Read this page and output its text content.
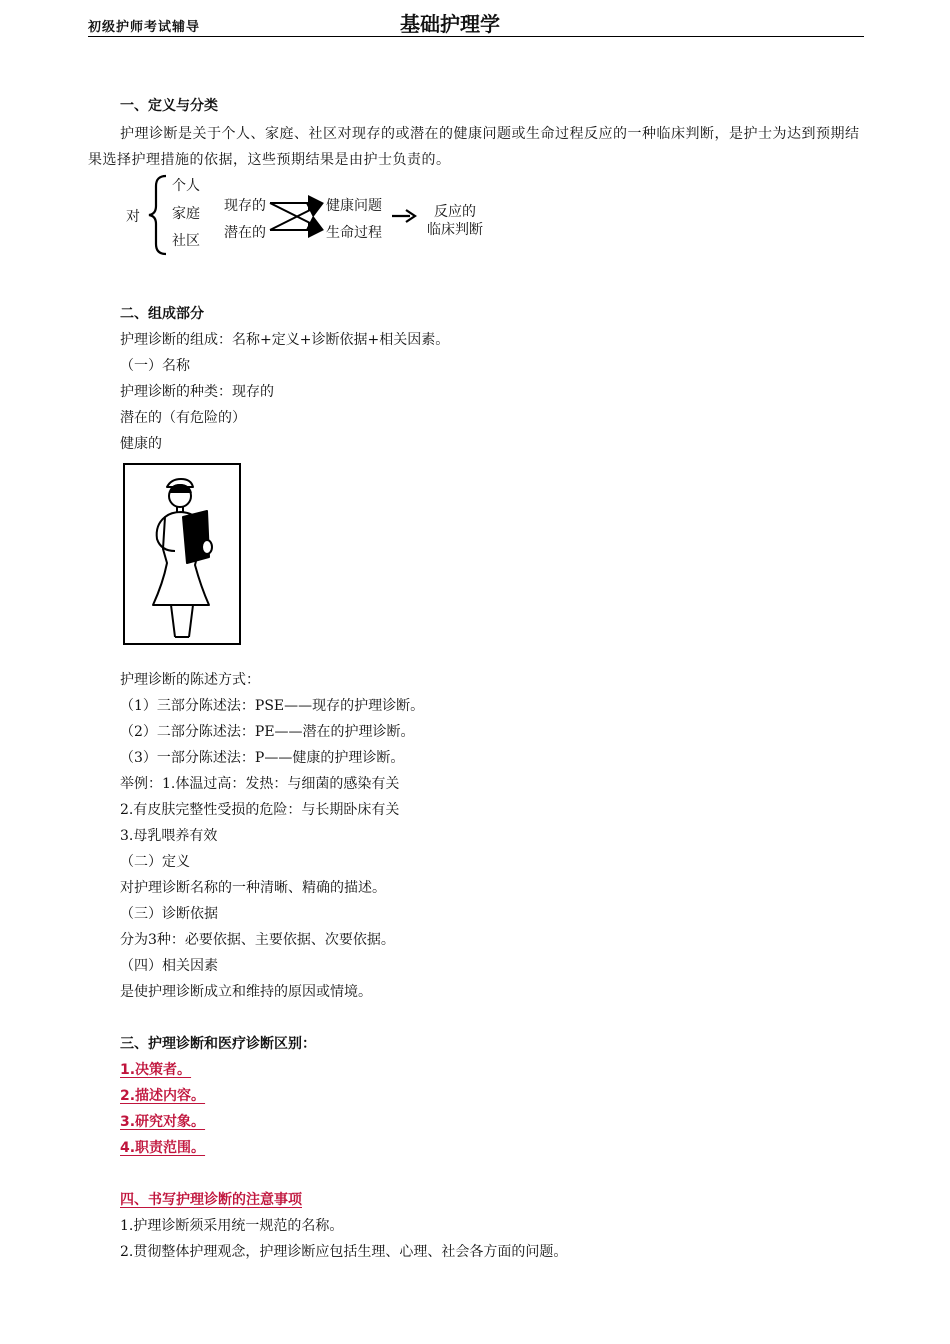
初级护师考试辅导	基础护理学
一、定义与分类
护理诊断是关于个人、家庭、社区对现存的或潜在的健康问题或生命过程反应的一种临床判断，是护士为达到预期结果选择护理措施的依据，这些预期结果是由护士负责的。
对
个人
家庭
社区
现存的
潜在的
健康问题
生命过程
反应的
临床判断
二、组成部分
护理诊断的组成：名称+定义+诊断依据+相关因素。
（一）名称
护理诊断的种类：现存的
潜在的（有危险的）
健康的
护理诊断的陈述方式：
（1）三部分陈述法：PSE——现存的护理诊断。
（2）二部分陈述法：PE——潜在的护理诊断。
（3）一部分陈述法：P——健康的护理诊断。
举例：1.体温过高：发热：与细菌的感染有关
2.有皮肤完整性受损的危险：与长期卧床有关
3.母乳喂养有效
（二）定义
对护理诊断名称的一种清晰、精确的描述。
（三）诊断依据
分为3种：必要依据、主要依据、次要依据。
（四）相关因素
是使护理诊断成立和维持的原因或情境。
三、护理诊断和医疗诊断区别：
1.决策者。
2.描述内容。
3.研究对象。
4.职责范围。
四、书写护理诊断的注意事项
1.护理诊断须采用统一规范的名称。
2.贯彻整体护理观念，护理诊断应包括生理、心理、社会各方面的问题。
